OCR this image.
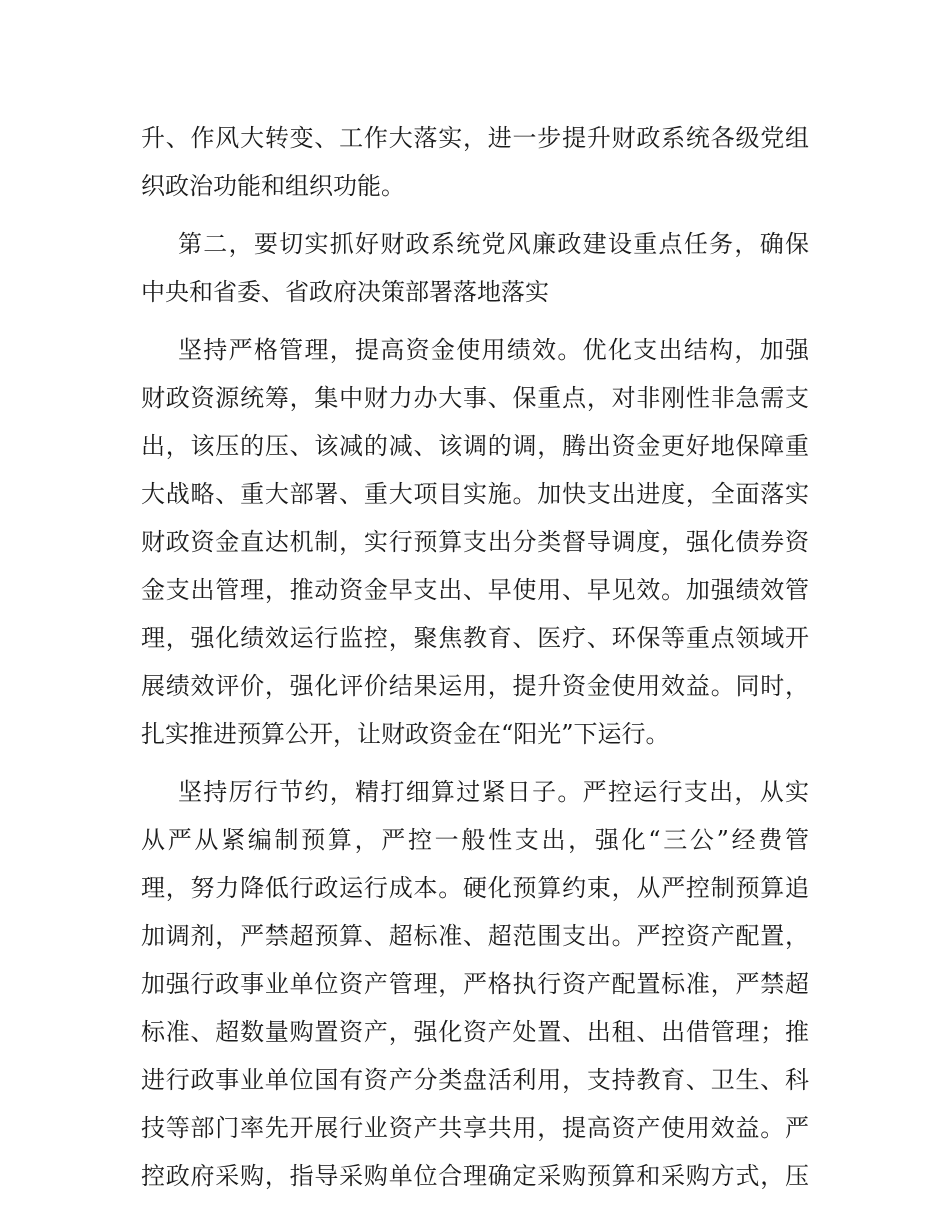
升、作风大转变、工作大落实，进一步提升财政系统各级党组
织政治功能和组织功能。
第二，要切实抓好财政系统党风廉政建设重点任务，确保
中央和省委、省政府决策部署落地落实
坚持严格管理，提高资金使用绩效。优化支出结构，加强
财政资源统筹，集中财力办大事、保重点，对非刚性非急需支
出，该压的压、该减的减、该调的调，腾出资金更好地保障重
大战略、重大部署、重大项目实施。加快支出进度，全面落实
财政资金直达机制，实行预算支出分类督导调度，强化债券资
金支出管理，推动资金早支出、早使用、早见效。加强绩效管
理，强化绩效运行监控，聚焦教育、医疗、环保等重点领域开
展绩效评价，强化评价结果运用，提升资金使用效益。同时，
扎实推进预算公开，让财政资金在“阳光”下运行。
坚持厉行节约，精打细算过紧日子。严控运行支出，从实
从严从紧编制预算，严控一般性支出，强化“三公”经费管
理，努力降低行政运行成本。硬化预算约束，从严控制预算追
加调剂，严禁超预算、超标准、超范围支出。严控资产配置，
加强行政事业单位资产管理，严格执行资产配置标准，严禁超
标准、超数量购置资产，强化资产处置、出租、出借管理；推
进行政事业单位国有资产分类盘活利用，支持教育、卫生、科
技等部门率先开展行业资产共享共用，提高资产使用效益。严
控政府采购，指导采购单位合理确定采购预算和采购方式，压
